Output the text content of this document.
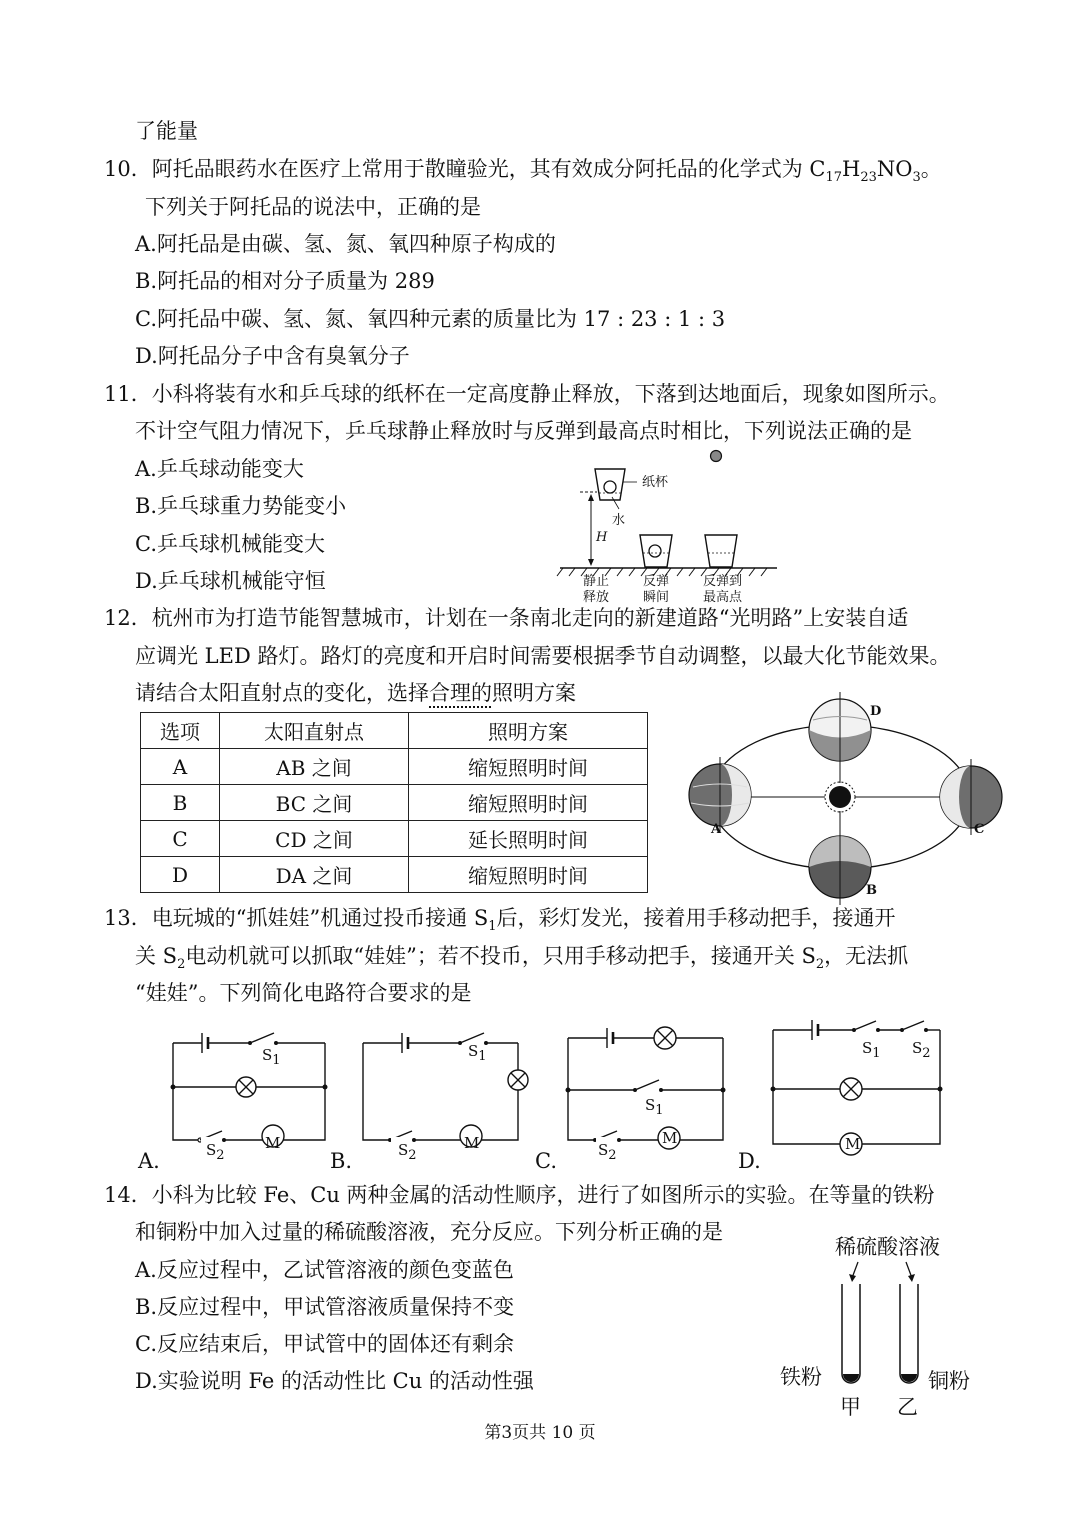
了能量
10．阿托品眼药水在医疗上常用于散瞳验光，其有效成分阿托品的化学式为 $C_{17}H_{23}NO_3$。
下列关于阿托品的说法中，正确的是
A.阿托品是由碳、氢、氮、氧四种原子构成的
B.阿托品的相对分子质量为 289
C.阿托品中碳、氢、氮、氧四种元素的质量比为 17 : 23 : 1 : 3
D.阿托品分子中含有臭氧分子
11．小科将装有水和乒乓球的纸杯在一定高度静止释放，下落到达地面后，现象如图所示。
不计空气阻力情况下，乒乓球静止释放时与反弹到最高点时相比，下列说法正确的是
A.乒乓球动能变大
B.乒乓球重力势能变小
C.乒乓球机械能变大
D.乒乓球机械能守恒
纸杯
水
H
静止
释放
反弹
瞬间
反弹到
最高点
12．杭州市为打造节能智慧城市，计划在一条南北走向的新建道路“光明路”上安装自适
应调光 LED 路灯。路灯的亮度和开启时间需要根据季节自动调整，以最大化节能效果。
请结合太阳直射点的变化，选择合理的照明方案
选项	太阳直射点	照明方案
A	AB 之间	缩短照明时间
B	BC 之间	缩短照明时间
C	CD 之间	延长照明时间
D	DA 之间	缩短照明时间
A
B
C
D
13．电玩城的“抓娃娃”机通过投币接通 $S_1$后，彩灯发光，接着用手移动把手，接通开
关 $S_2$电动机就可以抓取“娃娃”；若不投币，只用手移动把手，接通开关 $S_2$，无法抓
“娃娃”。下列简化电路符合要求的是
M
$S_1$
$S_2$
A.
M
$S_1$
$S_2$
B.
M
$S_1$
$S_2$
C.
M
$S_1$ $S_2$
D.
14．小科为比较 Fe、Cu 两种金属的活动性顺序，进行了如图所示的实验。在等量的铁粉
和铜粉中加入过量的稀硫酸溶液，充分反应。下列分析正确的是
A.反应过程中，乙试管溶液的颜色变蓝色
B.反应过程中，甲试管溶液质量保持不变
C.反应结束后，甲试管中的固体还有剩余
D.实验说明 Fe 的活动性比 Cu 的活动性强
稀硫酸溶液
铁粉	铜粉
甲 乙
第3页共 10 页
